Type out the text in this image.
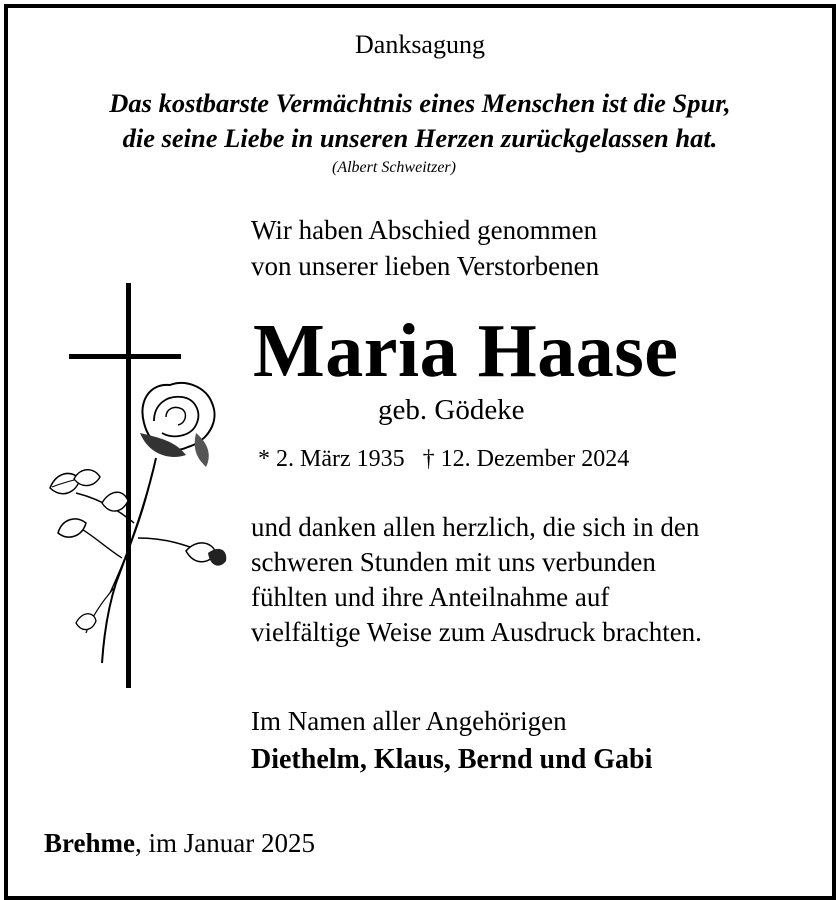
Danksagung
Das kostbarste Vermächtnis eines Menschen ist die Spur,
die seine Liebe in unseren Herzen zurückgelassen hat.
(Albert Schweitzer)
Wir haben Abschied genommen
von unserer lieben Verstorbenen
Maria Haase
geb. Gödeke
* 2. März 1935 † 12. Dezember 2024
und danken allen herzlich, die sich in den
schweren Stunden mit uns verbunden
fühlten und ihre Anteilnahme auf
vielfältige Weise zum Ausdruck brachten.
Im Namen aller Angehörigen
Diethelm, Klaus, Bernd und Gabi
Brehme, im Januar 2025
